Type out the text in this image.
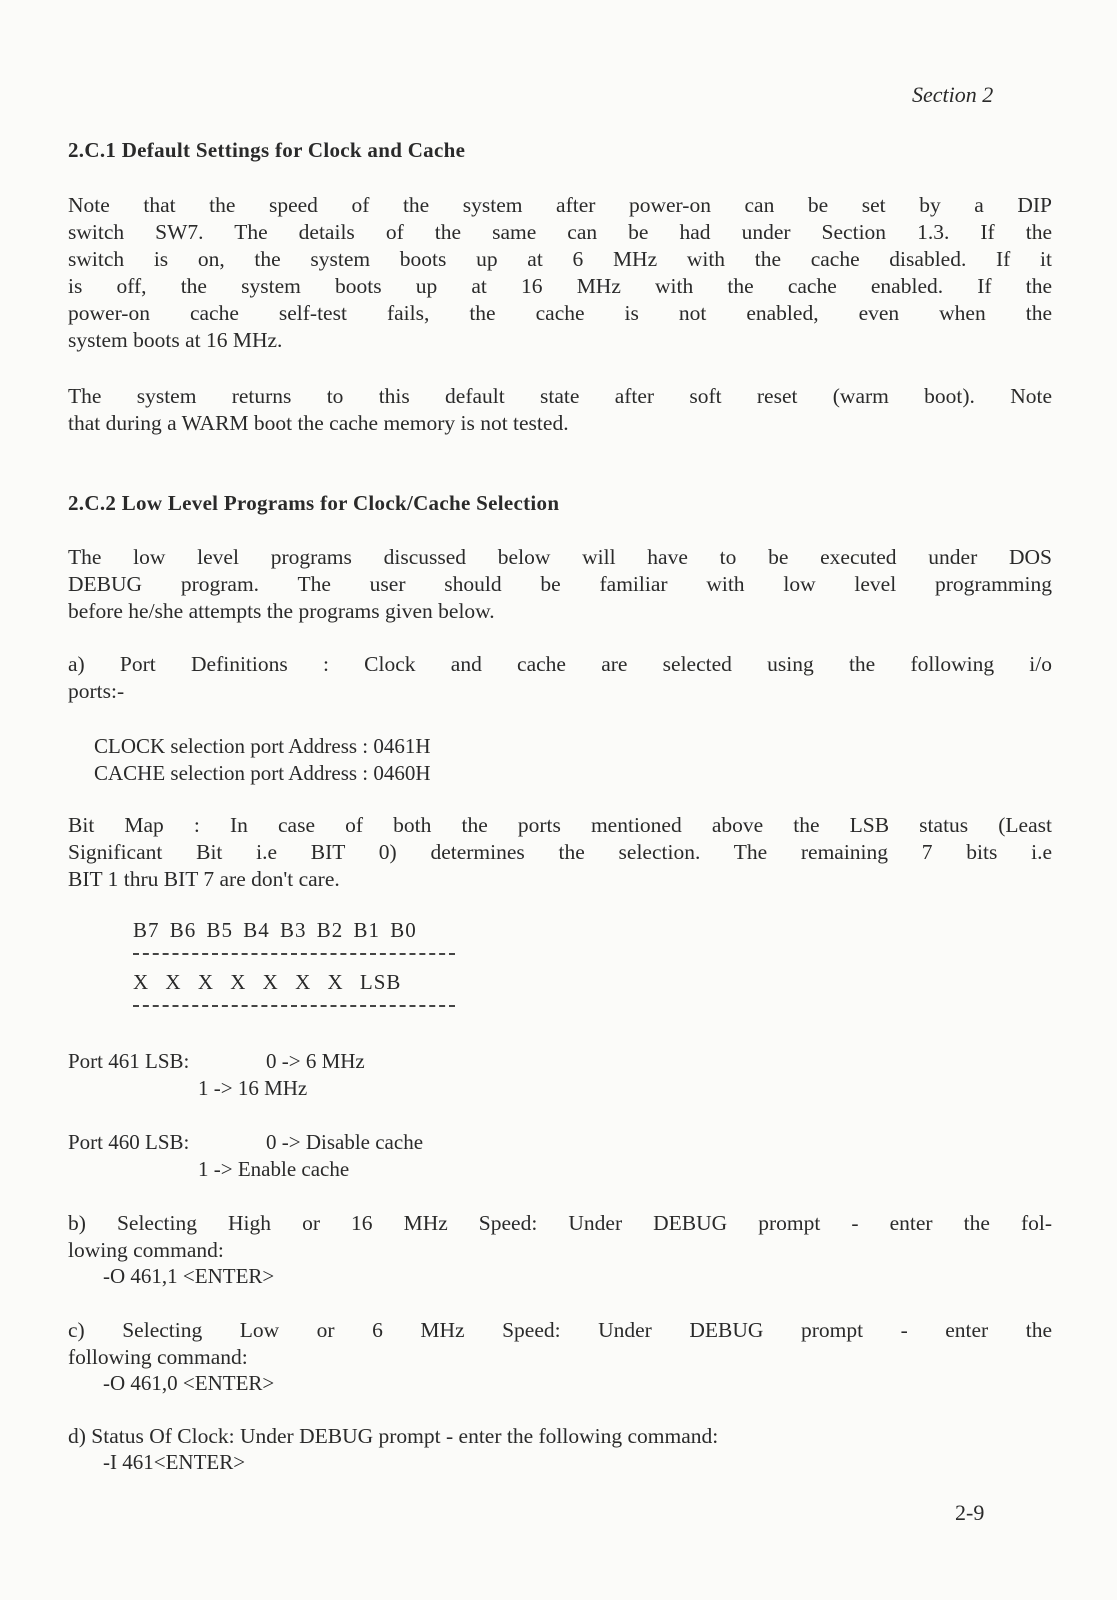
Section 2
2.C.1 Default Settings for Clock and Cache
Note that the speed of the system after power-on can be set by a DIP
switch SW7. The details of the same can be had under Section 1.3. If the
switch is on, the system boots up at 6 MHz with the cache disabled. If it
is off, the system boots up at 16 MHz with the cache enabled. If the
power-on cache self-test fails, the cache is not enabled, even when the
system boots at 16 MHz.
The system returns to this default state after soft reset (warm boot). Note
that during a WARM boot the cache memory is not tested.
2.C.2 Low Level Programs for Clock/Cache Selection
The low level programs discussed below will have to be executed under DOS
DEBUG program. The user should be familiar with low level programming
before he/she attempts the programs given below.
a) Port Definitions : Clock and cache are selected using the following i/o
ports:-
CLOCK selection port Address : 0461H
CACHE selection port Address : 0460H
Bit Map : In case of both the ports mentioned above the LSB status (Least
Significant Bit i.e BIT 0) determines the selection. The remaining 7 bits i.e
BIT 1 thru BIT 7 are don't care.
B7 B6 B5 B4 B3 B2 B1 B0
X X X X X X X LSB
Port 461 LSB:	0 -> 6 MHz
1 -> 16 MHz
Port 460 LSB:	0 -> Disable cache
1 -> Enable cache
b) Selecting High or 16 MHz Speed: Under DEBUG prompt - enter the fol-
lowing command:
-O 461,1 <ENTER>
c) Selecting Low or 6 MHz Speed: Under DEBUG prompt - enter the
following command:
-O 461,0 <ENTER>
d) Status Of Clock: Under DEBUG prompt - enter the following command:
-I 461<ENTER>
2-9
